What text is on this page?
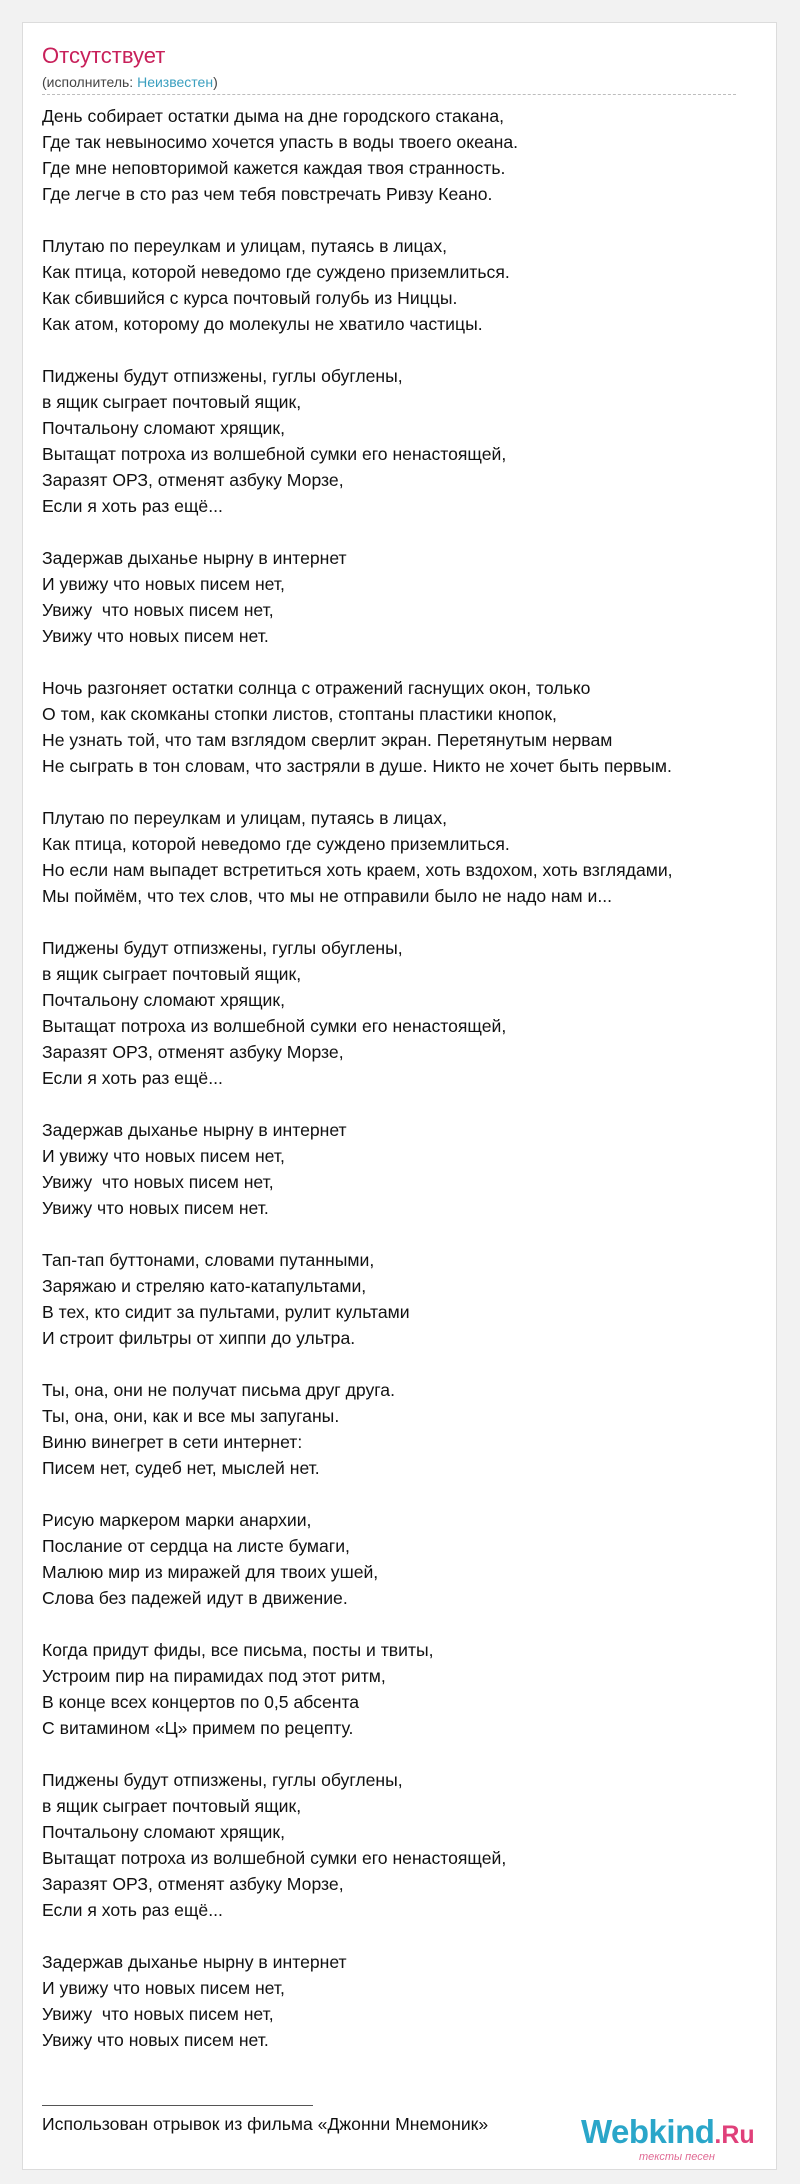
Отсутствует
(исполнитель: Неизвестен)
День собирает остатки дыма на дне городского стакана,
Где так невыносимо хочется упасть в воды твоего океана.
Где мне неповторимой кажется каждая твоя странность.
Где легче в сто раз чем тебя повстречать Ривзу Кеано.
Плутаю по переулкам и улицам, путаясь в лицах,
Как птица, которой неведомо где суждено приземлиться.
Как сбившийся с курса почтовый голубь из Ниццы.
Как атом, которому до молекулы не хватило частицы.
Пиджены будут отпизжены, гуглы обуглены,
в ящик сыграет почтовый ящик,
Почтальону сломают хрящик,
Вытащат потроха из волшебной сумки его ненастоящей,
Заразят ОРЗ, отменят азбуку Морзе,
Если я хоть раз ещё...
Задержав дыханье нырну в интернет
И увижу что новых писем нет,
Увижу  что новых писем нет,
Увижу что новых писем нет.
Ночь разгоняет остатки солнца с отражений гаснущих окон, только
О том, как скомканы стопки листов, стоптаны пластики кнопок,
Не узнать той, что там взглядом сверлит экран. Перетянутым нервам
Не сыграть в тон словам, что застряли в душе. Никто не хочет быть первым.
Плутаю по переулкам и улицам, путаясь в лицах,
Как птица, которой неведомо где суждено приземлиться.
Но если нам выпадет встретиться хоть краем, хоть вздохом, хоть взглядами,
Мы поймём, что тех слов, что мы не отправили было не надо нам и...
Пиджены будут отпизжены, гуглы обуглены,
в ящик сыграет почтовый ящик,
Почтальону сломают хрящик,
Вытащат потроха из волшебной сумки его ненастоящей,
Заразят ОРЗ, отменят азбуку Морзе,
Если я хоть раз ещё...
Задержав дыханье нырну в интернет
И увижу что новых писем нет,
Увижу  что новых писем нет,
Увижу что новых писем нет.
Тап-тап буттонами, словами путанными,
Заряжаю и стреляю като-катапультами,
В тех, кто сидит за пультами, рулит культами
И строит фильтры от хиппи до ультра.
Ты, она, они не получат письма друг друга.
Ты, она, они, как и все мы запуганы.
Виню винегрет в сети интернет:
Писем нет, судеб нет, мыслей нет.
Рисую маркером марки анархии,
Послание от сердца на листе бумаги,
Малюю мир из миражей для твоих ушей,
Слова без падежей идут в движение.
Когда придут фиды, все письма, посты и твиты,
Устроим пир на пирамидах под этот ритм,
В конце всех концертов по 0,5 абсента
С витамином «Ц» примем по рецепту.
Пиджены будут отпизжены, гуглы обуглены,
в ящик сыграет почтовый ящик,
Почтальону сломают хрящик,
Вытащат потроха из волшебной сумки его ненастоящей,
Заразят ОРЗ, отменят азбуку Морзе,
Если я хоть раз ещё...
Задержав дыханье нырну в интернет
И увижу что новых писем нет,
Увижу  что новых писем нет,
Увижу что новых писем нет.
Использован отрывок из фильма «Джонни Мнемоник»	Webkind.Ru
тексты песен
